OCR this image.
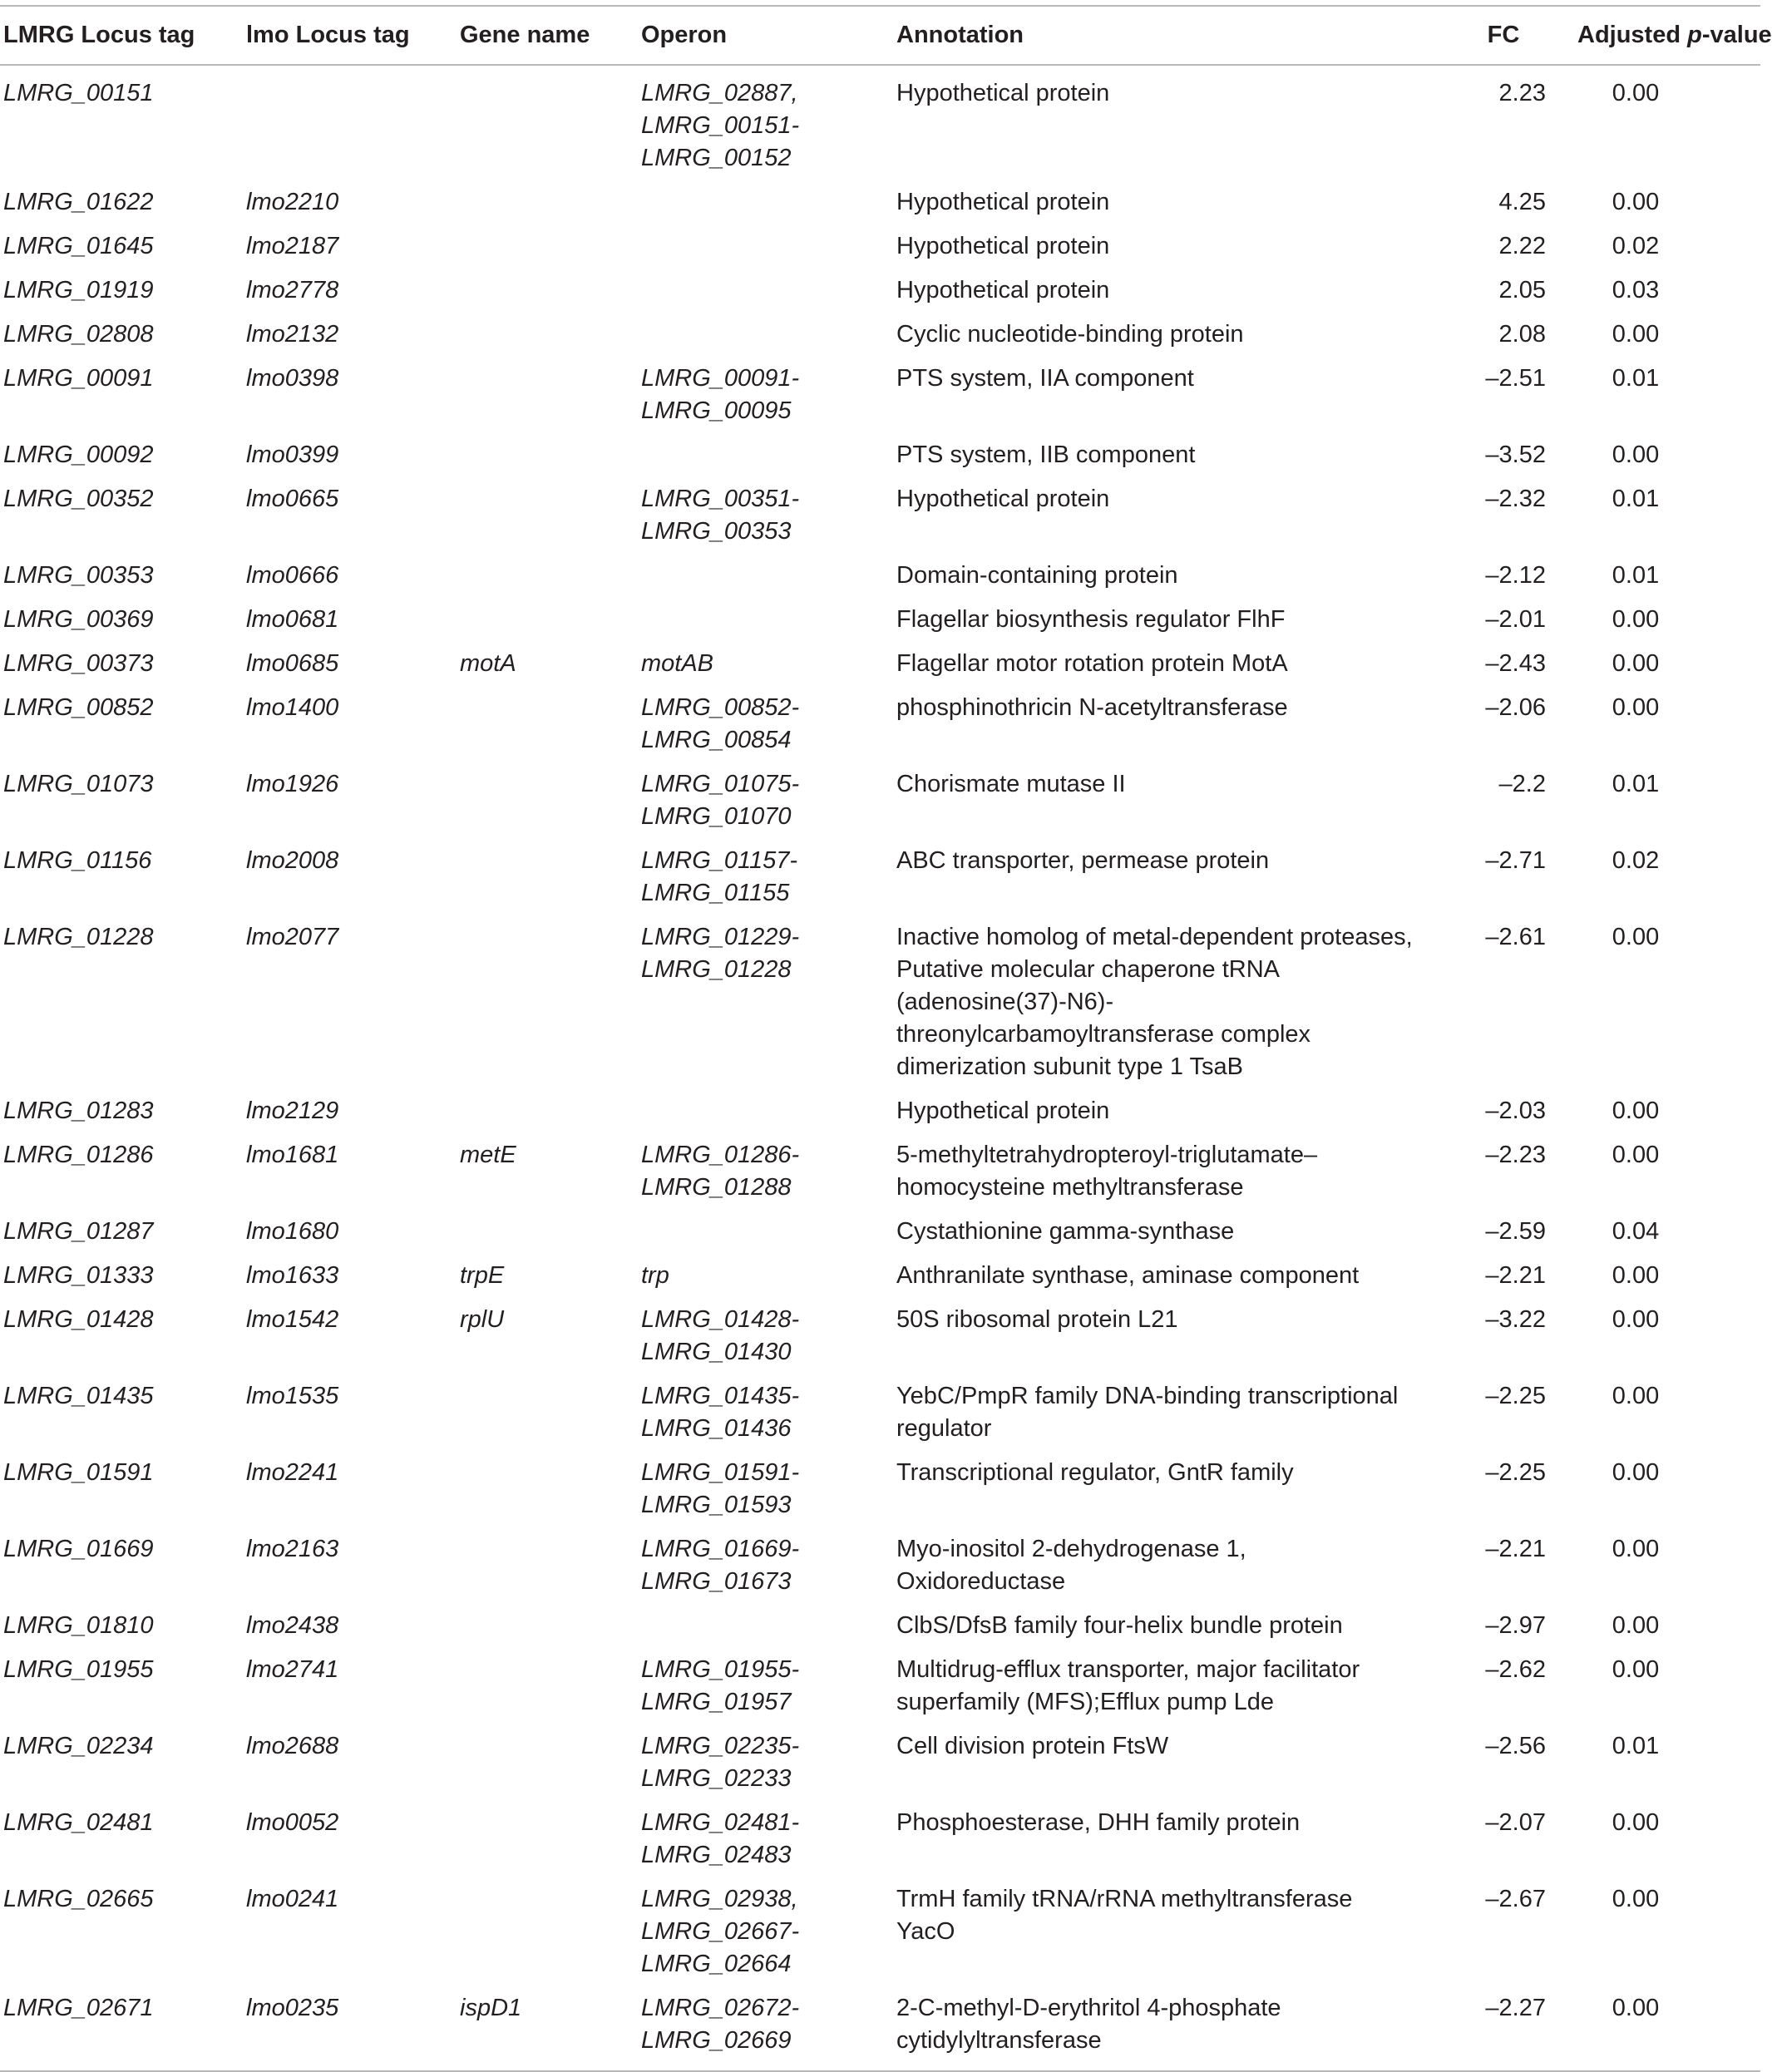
LMRG Locus tag	lmo Locus tag	Gene name	Operon	Annotation	FC	Adjusted p-value
LMRG_00151			LMRG_02887, LMRG_00151-LMRG_00152	Hypothetical protein	2.23	0.00
LMRG_01622	lmo2210			Hypothetical protein	4.25	0.00
LMRG_01645	lmo2187			Hypothetical protein	2.22	0.02
LMRG_01919	lmo2778			Hypothetical protein	2.05	0.03
LMRG_02808	lmo2132			Cyclic nucleotide-binding protein	2.08	0.00
LMRG_00091	lmo0398		LMRG_00091-LMRG_00095	PTS system, IIA component	–2.51	0.01
LMRG_00092	lmo0399			PTS system, IIB component	–3.52	0.00
LMRG_00352	lmo0665		LMRG_00351-LMRG_00353	Hypothetical protein	–2.32	0.01
LMRG_00353	lmo0666			Domain-containing protein	–2.12	0.01
LMRG_00369	lmo0681			Flagellar biosynthesis regulator FlhF	–2.01	0.00
LMRG_00373	lmo0685	motA	motAB	Flagellar motor rotation protein MotA	–2.43	0.00
LMRG_00852	lmo1400		LMRG_00852-LMRG_00854	phosphinothricin N-acetyltransferase	–2.06	0.00
LMRG_01073	lmo1926		LMRG_01075-LMRG_01070	Chorismate mutase II	–2.2	0.01
LMRG_01156	lmo2008		LMRG_01157-LMRG_01155	ABC transporter, permease protein	–2.71	0.02
LMRG_01228	lmo2077		LMRG_01229-LMRG_01228	Inactive homolog of metal-dependent proteases, Putative molecular chaperone tRNA (adenosine(37)-N6)-threonylcarbamoyltransferase complex dimerization subunit type 1 TsaB	–2.61	0.00
LMRG_01283	lmo2129			Hypothetical protein	–2.03	0.00
LMRG_01286	lmo1681	metE	LMRG_01286-LMRG_01288	5-methyltetrahydropteroyl-triglutamate–homocysteine methyltransferase	–2.23	0.00
LMRG_01287	lmo1680			Cystathionine gamma-synthase	–2.59	0.04
LMRG_01333	lmo1633	trpE	trp	Anthranilate synthase, aminase component	–2.21	0.00
LMRG_01428	lmo1542	rplU	LMRG_01428-LMRG_01430	50S ribosomal protein L21	–3.22	0.00
LMRG_01435	lmo1535		LMRG_01435-LMRG_01436	YebC/PmpR family DNA-binding transcriptional regulator	–2.25	0.00
LMRG_01591	lmo2241		LMRG_01591-LMRG_01593	Transcriptional regulator, GntR family	–2.25	0.00
LMRG_01669	lmo2163		LMRG_01669-LMRG_01673	Myo-inositol 2-dehydrogenase 1, Oxidoreductase	–2.21	0.00
LMRG_01810	lmo2438			ClbS/DfsB family four-helix bundle protein	–2.97	0.00
LMRG_01955	lmo2741		LMRG_01955-LMRG_01957	Multidrug-efflux transporter, major facilitator superfamily (MFS);Efflux pump Lde	–2.62	0.00
LMRG_02234	lmo2688		LMRG_02235-LMRG_02233	Cell division protein FtsW	–2.56	0.01
LMRG_02481	lmo0052		LMRG_02481-LMRG_02483	Phosphoesterase, DHH family protein	–2.07	0.00
LMRG_02665	lmo0241		LMRG_02938, LMRG_02667-LMRG_02664	TrmH family tRNA/rRNA methyltransferase YacO	–2.67	0.00
LMRG_02671	lmo0235	ispD1	LMRG_02672-LMRG_02669	2-C-methyl-D-erythritol 4-phosphate cytidylyltransferase	–2.27	0.00
